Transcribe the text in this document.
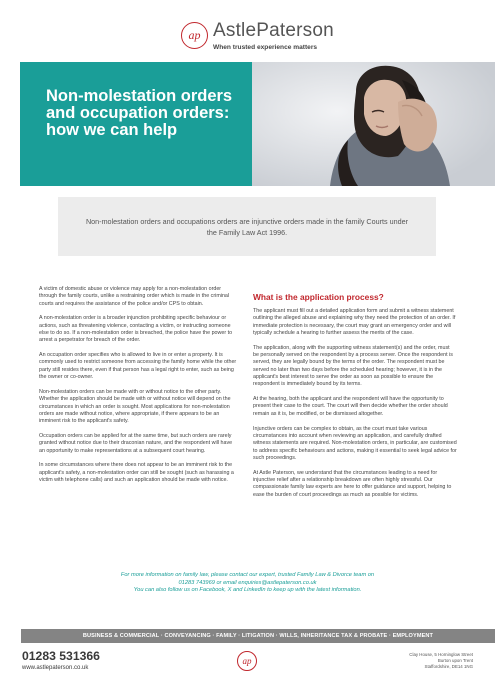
ap AstlePaterson
When trusted experience matters
Non-molestation orders and occupation orders: how we can help

Non-molestation orders and occupations orders are injunctive orders made in the family Courts under the Family Law Act 1996.

A victim of domestic abuse or violence may apply for a non-molestation order through the family courts, unlike a restraining order which is made in the criminal courts and requires the assistance of the police and/or CPS to obtain.

A non-molestation order is a broader injunction prohibiting specific behaviour or actions, such as threatening violence, contacting a victim, or instructing someone else to do so. If a non-molestation order is breached, the police have the power to arrest a perpetrator for breach of the order.

An occupation order specifies who is allowed to live in or enter a property. It is commonly used to restrict someone from accessing the family home while the other party still resides there, even if that person has a legal right to enter, such as being the owner or co-owner.

Non-molestation orders can be made with or without notice to the other party. Whether the application should be made with or without notice will depend on the circumstances in which an order is sought. Most applications for non-molestation orders are made without notice, where appropriate, if there appears to be an imminent risk to the applicant's safety.

Occupation orders can be applied for at the same time, but such orders are rarely granted without notice due to their draconian nature, and the respondent will have an opportunity to make representations at a subsequent court hearing.

In some circumstances where there does not appear to be an imminent risk to the applicant's safety, a non-molestation order can still be sought (such as harassing a victim with telephone calls) and such an application should be made with notice.

What is the application process?

The applicant must fill out a detailed application form and submit a witness statement outlining the alleged abuse and explaining why they need the protection of an order. If immediate protection is necessary, the court may grant an emergency order and will typically schedule a hearing to further assess the merits of the case.

The application, along with the supporting witness statement(s) and the order, must be personally served on the respondent by a process server. Once the respondent is served, they are legally bound by the terms of the order. The respondent must be served no later than two days before the scheduled hearing; however, it is in the applicant's best interest to serve the order as soon as possible to ensure the respondent is immediately bound by its terms.

At the hearing, both the applicant and the respondent will have the opportunity to present their case to the court. The court will then decide whether the order should remain as it is, be modified, or be dismissed altogether.

Injunctive orders can be complex to obtain, as the court must take various circumstances into account when reviewing an application, and carefully drafted witness statements are required. Non-molestation orders, in particular, are customised to address specific behaviours and actions, making it essential to seek legal advice for such proceedings.

At Astle Paterson, we understand that the circumstances leading to a need for injunctive relief after a relationship breakdown are often highly stressful. Our compassionate family law experts are here to offer guidance and support, helping to ease the burden of court proceedings as much as possible for victims.

For more information on family law, please contact our expert, trusted Family Law & Divorce team on
01283 743969 or email enquiries@astlepaterson.co.uk
You can also follow us on Facebook, X and LinkedIn to keep up with the latest information.
BUSINESS & COMMERCIAL · CONVEYANCING · FAMILY · LITIGATION · WILLS, INHERITANCE TAX & PROBATE · EMPLOYMENT
01283 531366
www.astlepaterson.co.uk
ap
Clay House, 5 Horninglow Street
Burton upon Trent
Staffordshire, DE14 1NG
